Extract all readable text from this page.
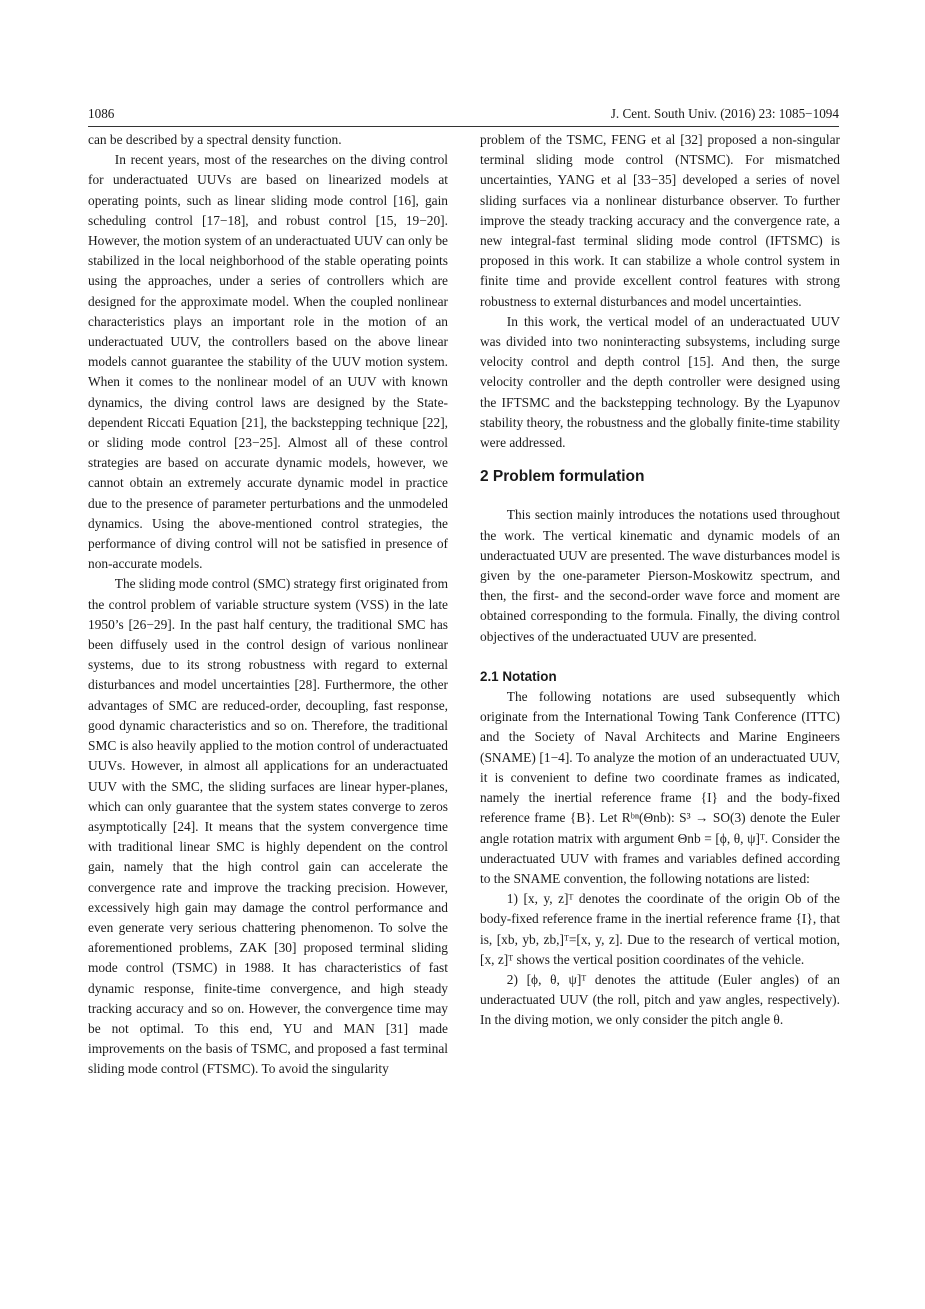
1086	J. Cent. South Univ. (2016) 23: 1085−1094

can be described by a spectral density function.

In recent years, most of the researches on the diving control for underactuated UUVs are based on linearized models at operating points, such as linear sliding mode control [16], gain scheduling control [17−18], and robust control [15, 19−20]. However, the motion system of an underactuated UUV can only be stabilized in the local neighborhood of the stable operating points using the approaches, under a series of controllers which are designed for the approximate model. When the coupled nonlinear characteristics plays an important role in the motion of an underactuated UUV, the controllers based on the above linear models cannot guarantee the stability of the UUV motion system. When it comes to the nonlinear model of an UUV with known dynamics, the diving control laws are designed by the State-dependent Riccati Equation [21], the backstepping technique [22], or sliding mode control [23−25]. Almost all of these control strategies are based on accurate dynamic models, however, we cannot obtain an extremely accurate dynamic model in practice due to the presence of parameter perturbations and the unmodeled dynamics. Using the above-mentioned control strategies, the performance of diving control will not be satisfied in presence of non-accurate models.

The sliding mode control (SMC) strategy first originated from the control problem of variable structure system (VSS) in the late 1950’s [26−29]. In the past half century, the traditional SMC has been diffusely used in the control design of various nonlinear systems, due to its strong robustness with regard to external disturbances and model uncertainties [28]. Furthermore, the other advantages of SMC are reduced-order, decoupling, fast response, good dynamic characteristics and so on. Therefore, the traditional SMC is also heavily applied to the motion control of underactuated UUVs. However, in almost all applications for an underactuated UUV with the SMC, the sliding surfaces are linear hyper-planes, which can only guarantee that the system states converge to zeros asymptotically [24]. It means that the system convergence time with traditional linear SMC is highly dependent on the control gain, namely that the high control gain can accelerate the convergence rate and improve the tracking precision. However, excessively high gain may damage the control performance and even generate very serious chattering phenomenon. To solve the aforementioned problems, ZAK [30] proposed terminal sliding mode control (TSMC) in 1988. It has characteristics of fast dynamic response, finite-time convergence, and high steady tracking accuracy and so on. However, the convergence time may be not optimal. To this end, YU and MAN [31] made improvements on the basis of TSMC, and proposed a fast terminal sliding mode control (FTSMC). To avoid the singularity

problem of the TSMC, FENG et al [32] proposed a non-singular terminal sliding mode control (NTSMC). For mismatched uncertainties, YANG et al [33−35] developed a series of novel sliding surfaces via a nonlinear disturbance observer. To further improve the steady tracking accuracy and the convergence rate, a new integral-fast terminal sliding mode control (IFTSMC) is proposed in this work. It can stabilize a whole control system in finite time and provide excellent control features with strong robustness to external disturbances and model uncertainties.

In this work, the vertical model of an underactuated UUV was divided into two noninteracting subsystems, including surge velocity control and depth control [15]. And then, the surge velocity controller and the depth controller were designed using the IFTSMC and the backstepping technology. By the Lyapunov stability theory, the robustness and the globally finite-time stability were addressed.

2 Problem formulation

This section mainly introduces the notations used throughout the work. The vertical kinematic and dynamic models of an underactuated UUV are presented. The wave disturbances model is given by the one-parameter Pierson-Moskowitz spectrum, and then, the first- and the second-order wave force and moment are obtained corresponding to the formula. Finally, the diving control objectives of the underactuated UUV are presented.

2.1 Notation

The following notations are used subsequently which originate from the International Towing Tank Conference (ITTC) and the Society of Naval Architects and Marine Engineers (SNAME) [1−4]. To analyze the motion of an underactuated UUV, it is convenient to define two coordinate frames as indicated, namely the inertial reference frame {I} and the body-fixed reference frame {B}. Let Rᵇⁿ(Θnb): S³ → SO(3) denote the Euler angle rotation matrix with argument Θnb = [ϕ, θ, ψ]ᵀ. Consider the underactuated UUV with frames and variables defined according to the SNAME convention, the following notations are listed:

1) [x, y, z]ᵀ denotes the coordinate of the origin Ob of the body-fixed reference frame in the inertial reference frame {I}, that is, [xb, yb, zb,]ᵀ=[x, y, z]. Due to the research of vertical motion, [x, z]ᵀ shows the vertical position coordinates of the vehicle.

2) [ϕ, θ, ψ]ᵀ denotes the attitude (Euler angles) of an underactuated UUV (the roll, pitch and yaw angles, respectively). In the diving motion, we only consider the pitch angle θ.
